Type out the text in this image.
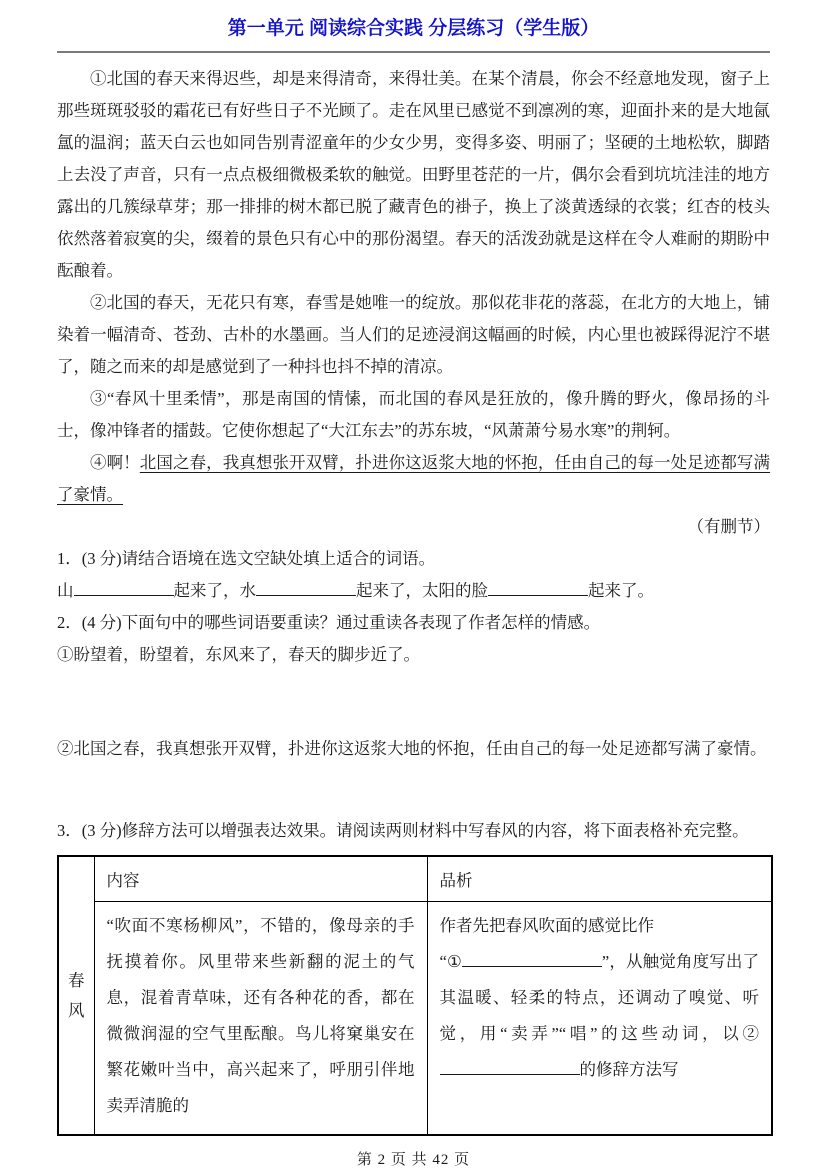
第一单元 阅读综合实践 分层练习（学生版）

①北国的春天来得迟些，却是来得清奇，来得壮美。在某个清晨，你会不经意地发现，窗子上那些斑斑驳驳的霜花已有好些日子不光顾了。走在风里已感觉不到凛冽的寒，迎面扑来的是大地氤氲的温润；蓝天白云也如同告别青涩童年的少女少男，变得多姿、明丽了；坚硬的土地松软，脚踏上去没了声音，只有一点点极细微极柔软的触觉。田野里苍茫的一片，偶尔会看到坑坑洼洼的地方露出的几簇绿草芽；那一排排的树木都已脱了藏青色的褂子，换上了淡黄透绿的衣裳；红杏的枝头依然落着寂寞的尖，缀着的景色只有心中的那份渴望。春天的活泼劲就是这样在令人难耐的期盼中酝酿着。

②北国的春天，无花只有寒，春雪是她唯一的绽放。那似花非花的落蕊，在北方的大地上，铺染着一幅清奇、苍劲、古朴的水墨画。当人们的足迹浸润这幅画的时候，内心里也被踩得泥泞不堪了，随之而来的却是感觉到了一种抖也抖不掉的清凉。

③“春风十里柔情”，那是南国的情愫，而北国的春风是狂放的，像升腾的野火，像昂扬的斗士，像冲锋者的擂鼓。它使你想起了“大江东去”的苏东坡，“风萧萧兮易水寒”的荆轲。

④啊！北国之春，我真想张开双臂，扑进你这返浆大地的怀抱，任由自己的每一处足迹都写满了豪情。

（有删节）

1．(3 分)请结合语境在选文空缺处填上适合的词语。

山	起来了，水	起来了，太阳的脸	起来了。

2．(4 分)下面句中的哪些词语要重读？通过重读各表现了作者怎样的情感。

①盼望着，盼望着，东风来了，春天的脚步近了。

②北国之春，我真想张开双臂，扑进你这返浆大地的怀抱，任由自己的每一处足迹都写满了豪情。

3．(3 分)修辞方法可以增强表达效果。请阅读两则材料中写春风的内容，将下面表格补充完整。

春风	内容	品析
	“吹面不寒杨柳风”，不错的，像母亲的手抚摸着你。风里带来些新翻的泥土的气息，混着青草味，还有各种花的香，都在微微润湿的空气里酝酿。鸟儿将窠巢安在繁花嫩叶当中，高兴起来了，呼朋引伴地卖弄清脆的	作者先把春风吹面的感觉比作
“① ”，从触觉角度写出了其温暖、轻柔的特点，还调动了嗅觉、听觉，用“卖弄”“唱”的这些动词，以②的修辞方法写
第 2 页 共 42 页
